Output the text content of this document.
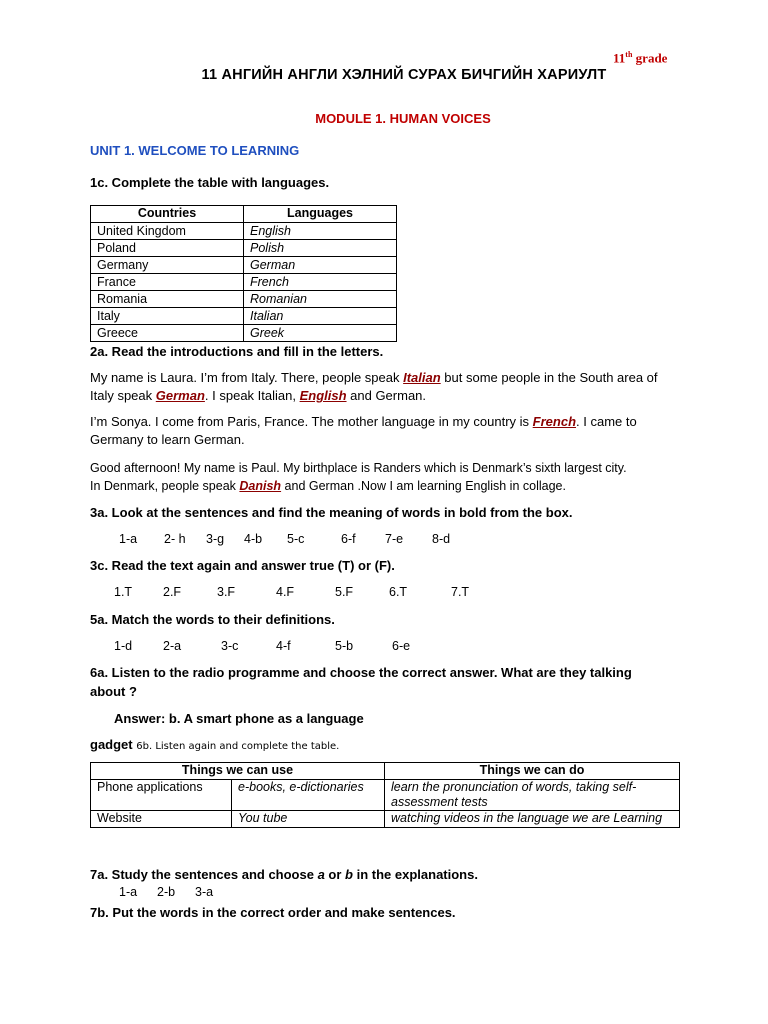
11th grade
11 АНГИЙН АНГЛИ ХЭЛНИЙ СУРАХ БИЧГИЙН ХАРИУЛТ
MODULE 1. HUMAN VOICES
UNIT 1. WELCOME TO LEARNING
1c. Complete the table with languages.
Countries	Languages
United Kingdom	English
Poland	Polish
Germany	German
France	French
Romania	Romanian
Italy	Italian
Greece	Greek
2a. Read the introductions and fill in the letters.
My name is Laura. I’m from Italy. There, people speak Italian but some people in the South area of Italy speak German. I speak Italian, English and German.
I’m Sonya. I come from Paris, France. The mother language in my country is French. I came to Germany to learn German.
Good afternoon! My name is Paul. My birthplace is Randers which is Denmark’s sixth largest city. In Denmark, people speak Danish and German .Now I am learning English in collage.
3a. Look at the sentences and find the meaning of words in bold from the box.
1-a 2- h 3-g 4-b 5-c	6-f 7-e 8-d
3c. Read the text again and answer true (T) or (F).
1.T 2.F	3.F	4.F	5.F	6.T	7.T
5a. Match the words to their definitions.
1-d 2-a	3-c	4-f	5-b	6-e
6a. Listen to the radio programme and choose the correct answer. What are they talking
about ?
Answer: b. A smart phone as a language
gadget 6b. Listen again and complete the table.
Things we can use		Things we can do
Phone applications	e-books, e-dictionaries	learn the pronunciation of words, taking self-assessment tests
Website	You tube	watching videos in the language we are Learning
7a. Study the sentences and choose a or b in the explanations.
1-a 2-b 3-a
7b. Put the words in the correct order and make sentences.
